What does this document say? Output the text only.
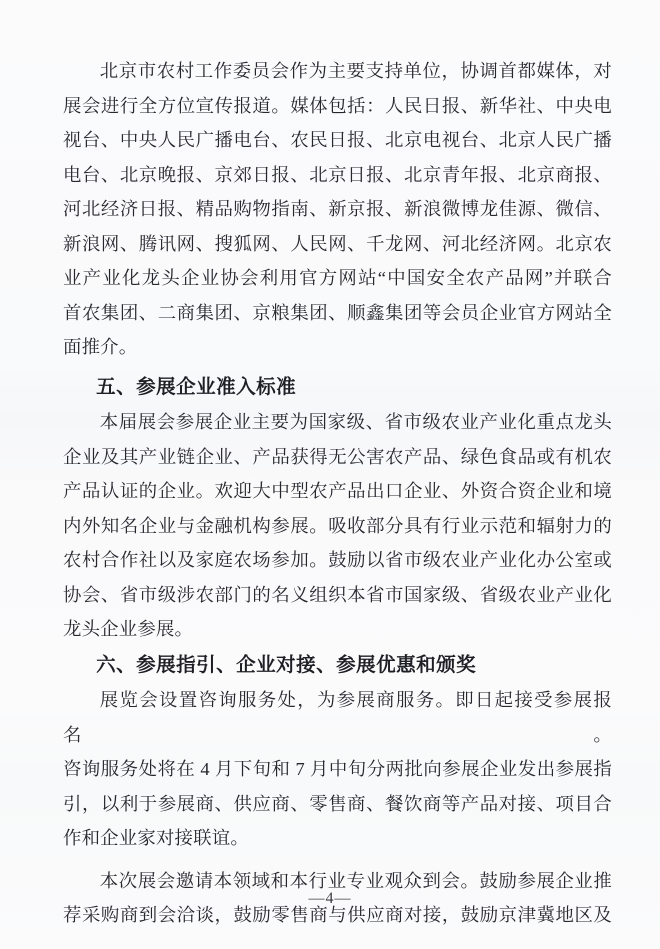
北京市农村工作委员会作为主要支持单位，协调首都媒体，对
展会进行全方位宣传报道。媒体包括：人民日报、新华社、中央电
视台、中央人民广播电台、农民日报、北京电视台、北京人民广播
电台、北京晚报、京郊日报、北京日报、北京青年报、北京商报、
河北经济日报、精品购物指南、新京报、新浪微博龙佳源、微信、
新浪网、腾讯网、搜狐网、人民网、千龙网、河北经济网。北京农
业产业化龙头企业协会利用官方网站“中国安全农产品网”并联合
首农集团、二商集团、京粮集团、顺鑫集团等会员企业官方网站全
面推介。
五、参展企业准入标准
本届展会参展企业主要为国家级、省市级农业产业化重点龙头
企业及其产业链企业、产品获得无公害农产品、绿色食品或有机农
产品认证的企业。欢迎大中型农产品出口企业、外资合资企业和境
内外知名企业与金融机构参展。吸收部分具有行业示范和辐射力的
农村合作社以及家庭农场参加。鼓励以省市级农业产业化办公室或
协会、省市级涉农部门的名义组织本省市国家级、省级农业产业化
龙头企业参展。
六、参展指引、企业对接、参展优惠和颁奖
展览会设置咨询服务处，为参展商服务。即日起接受参展报名。
咨询服务处将在 4 月下旬和 7 月中旬分两批向参展企业发出参展指
引，以利于参展商、供应商、零售商、餐饮商等产品对接、项目合
作和企业家对接联谊。
本次展会邀请本领域和本行业专业观众到会。鼓励参展企业推
荐采购商到会洽谈，鼓励零售商与供应商对接，鼓励京津冀地区及
—4—
